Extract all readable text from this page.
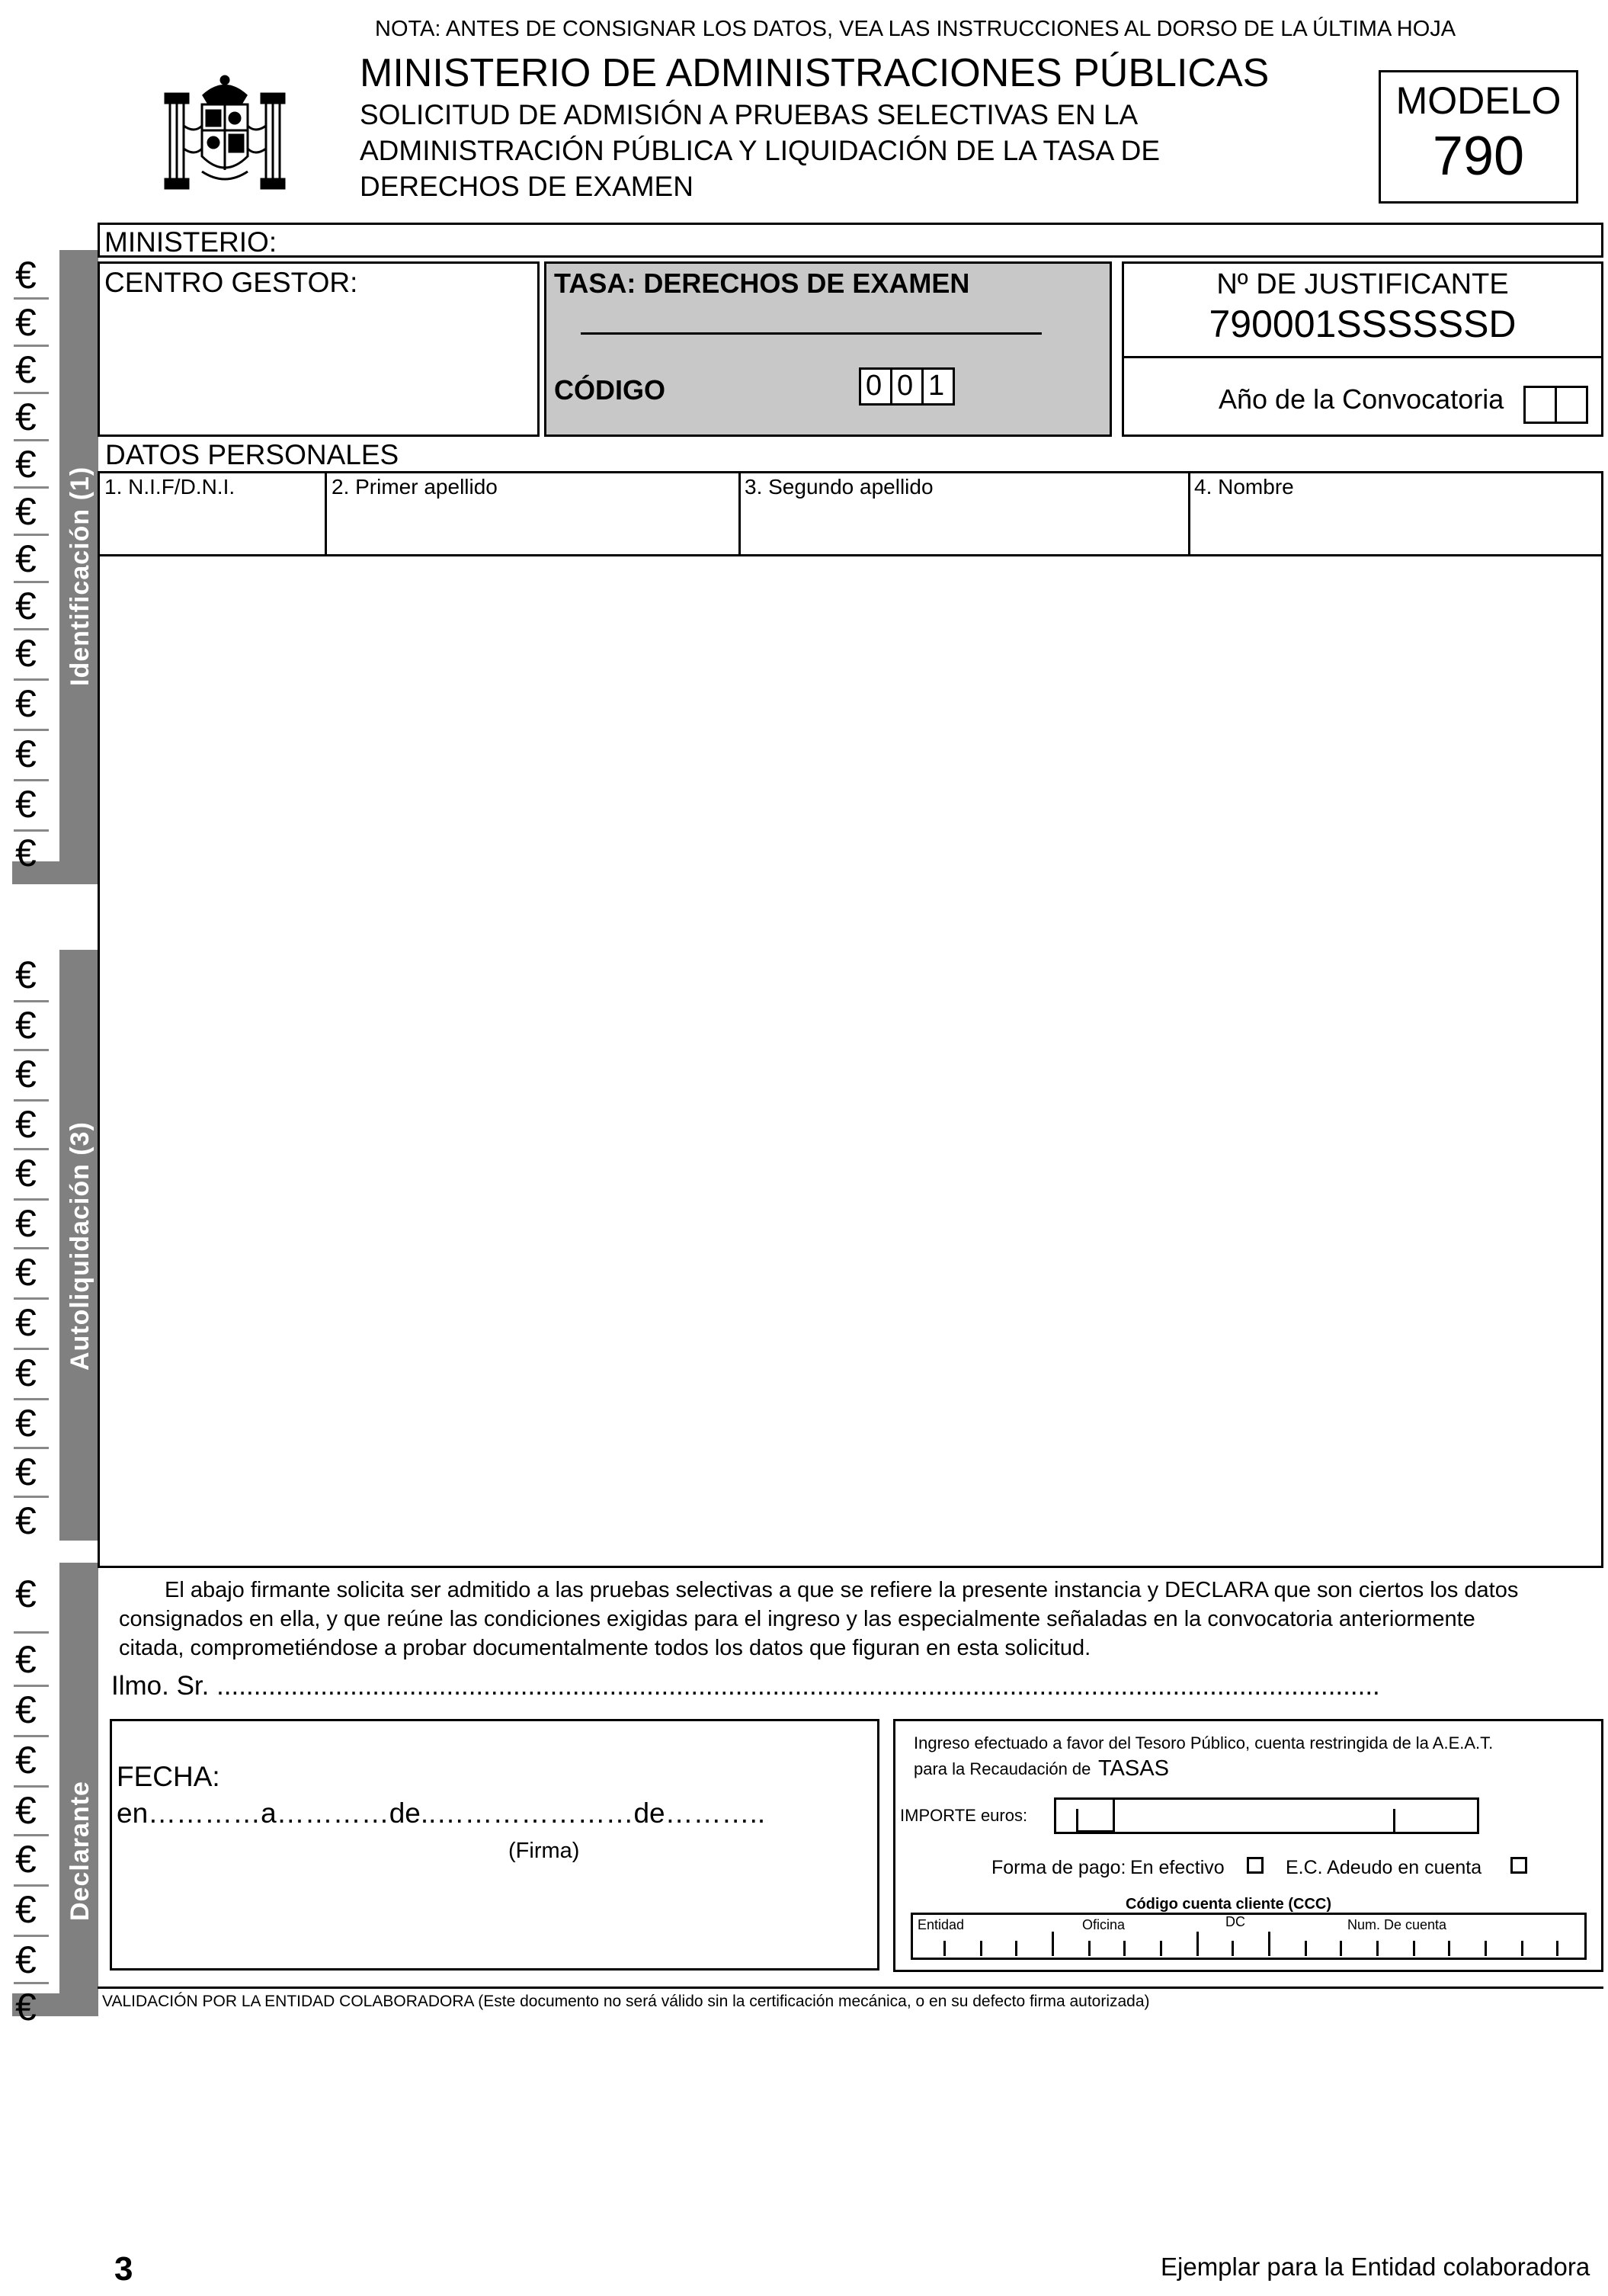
NOTA: ANTES DE CONSIGNAR LOS DATOS, VEA LAS INSTRUCCIONES AL DORSO DE LA ÚLTIMA HOJA
MINISTERIO DE ADMINISTRACIONES PÚBLICAS
SOLICITUD DE ADMISIÓN A PRUEBAS SELECTIVAS EN LA
ADMINISTRACIÓN PÚBLICA Y LIQUIDACIÓN DE LA TASA DE
DERECHOS DE EXAMEN
MODELO
790
Identificación (1)
Autoliquidación (3)
Declarante
€
€
€
€
€
€
€
€
€
€
€
€
€
€
€
€
€
€
€
€
€
€
€
€
€
€
€
€
€
€
€
€
€
€
MINISTERIO:
CENTRO GESTOR:	TASA: DERECHOS DE EXAMEN
CÓDIGO	0 0 1
Nº DE JUSTIFICANTE
790001SSSSSSD
Año de la Convocatoria
DATOS PERSONALES
1. N.I.F/D.N.I.	2. Primer apellido	3. Segundo apellido	4. Nombre
El abajo firmante solicita ser admitido a las pruebas selectivas a que se refiere la presente instancia y DECLARA que son ciertos los datos
consignados en ella, y que reúne las condiciones exigidas para el ingreso y las especialmente señaladas en la convocatoria anteriormente
citada, comprometiéndose a probar documentalmente todos los datos que figuran en esta solicitud.
Ilmo. Sr. .............................................................................................................................................................
FECHA:
en…………a…………de..…………………de………..
(Firma)
Ingreso efectuado a favor del Tesoro Público, cuenta restringida de la A.E.A.T.
para la Recaudación de TASAS
IMPORTE euros:
Forma de pago: En efectivo	E.C. Adeudo en cuenta
Código cuenta cliente (CCC)
Entidad	Oficina	DC	Num. De cuenta
VALIDACIÓN POR LA ENTIDAD COLABORADORA (Este documento no será válido sin la certificación mecánica, o en su defecto firma autorizada)
3	Ejemplar para la Entidad colaboradora
